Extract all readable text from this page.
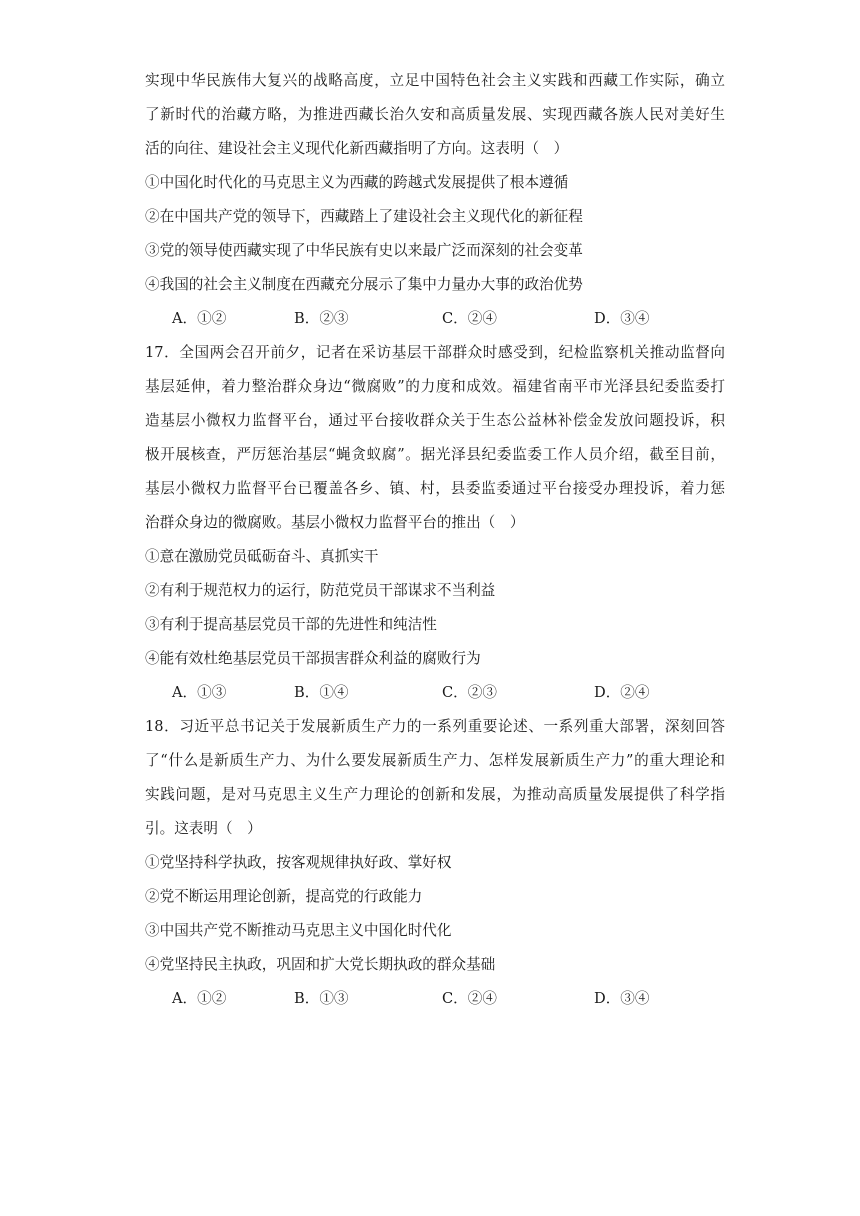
实现中华民族伟大复兴的战略高度，立足中国特色社会主义实践和西藏工作实际，确立
了新时代的治藏方略，为推进西藏长治久安和高质量发展、实现西藏各族人民对美好生
活的向往、建设社会主义现代化新西藏指明了方向。这表明（　）
①中国化时代化的马克思主义为西藏的跨越式发展提供了根本遵循
②在中国共产党的领导下，西藏踏上了建设社会主义现代化的新征程
③党的领导使西藏实现了中华民族有史以来最广泛而深刻的社会变革
④我国的社会主义制度在西藏充分展示了集中力量办大事的政治优势
A．①②	B．②③	C．②④	D．③④
17．全国两会召开前夕，记者在采访基层干部群众时感受到，纪检监察机关推动监督向
基层延伸，着力整治群众身边“微腐败”的力度和成效。福建省南平市光泽县纪委监委打
造基层小微权力监督平台，通过平台接收群众关于生态公益林补偿金发放问题投诉，积
极开展核查，严厉惩治基层“蝇贪蚁腐”。据光泽县纪委监委工作人员介绍，截至目前，
基层小微权力监督平台已覆盖各乡、镇、村，县委监委通过平台接受办理投诉，着力惩
治群众身边的微腐败。基层小微权力监督平台的推出（　）
①意在激励党员砥砺奋斗、真抓实干
②有利于规范权力的运行，防范党员干部谋求不当利益
③有利于提高基层党员干部的先进性和纯洁性
④能有效杜绝基层党员干部损害群众利益的腐败行为
A．①③	B．①④	C．②③	D．②④
18．习近平总书记关于发展新质生产力的一系列重要论述、一系列重大部署，深刻回答
了“什么是新质生产力、为什么要发展新质生产力、怎样发展新质生产力”的重大理论和
实践问题，是对马克思主义生产力理论的创新和发展，为推动高质量发展提供了科学指
引。这表明（　）
①党坚持科学执政，按客观规律执好政、掌好权
②党不断运用理论创新，提高党的行政能力
③中国共产党不断推动马克思主义中国化时代化
④党坚持民主执政，巩固和扩大党长期执政的群众基础
A．①②	B．①③	C．②④	D．③④
